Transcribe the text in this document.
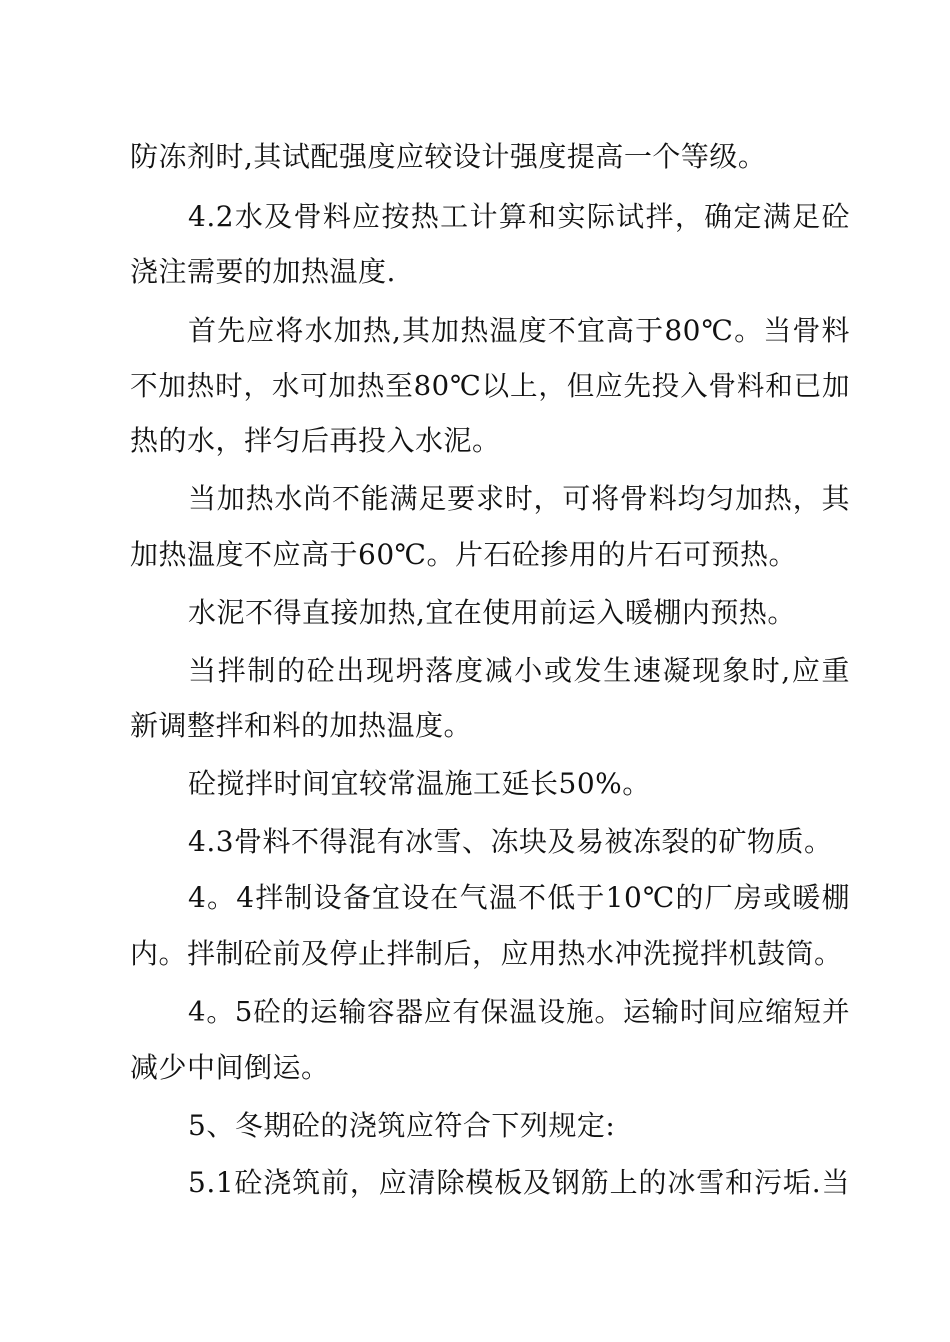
防冻剂时,其试配强度应较设计强度提高一个等级。
4.2水及骨料应按热工计算和实际试拌，确定满足砼
浇注需要的加热温度.
首先应将水加热,其加热温度不宜高于80℃。当骨料
不加热时，水可加热至80℃以上，但应先投入骨料和已加
热的水，拌匀后再投入水泥。
当加热水尚不能满足要求时，可将骨料均匀加热，其
加热温度不应高于60℃。片石砼掺用的片石可预热。
水泥不得直接加热,宜在使用前运入暖棚内预热。
当拌制的砼出现坍落度减小或发生速凝现象时,应重
新调整拌和料的加热温度。
砼搅拌时间宜较常温施工延长50%。
4.3骨料不得混有冰雪、冻块及易被冻裂的矿物质。
4。4拌制设备宜设在气温不低于10℃的厂房或暖棚
内。拌制砼前及停止拌制后，应用热水冲洗搅拌机鼓筒。
4。5砼的运输容器应有保温设施。运输时间应缩短并
减少中间倒运。
5、冬期砼的浇筑应符合下列规定:
5.1砼浇筑前，应清除模板及钢筋上的冰雪和污垢.当
